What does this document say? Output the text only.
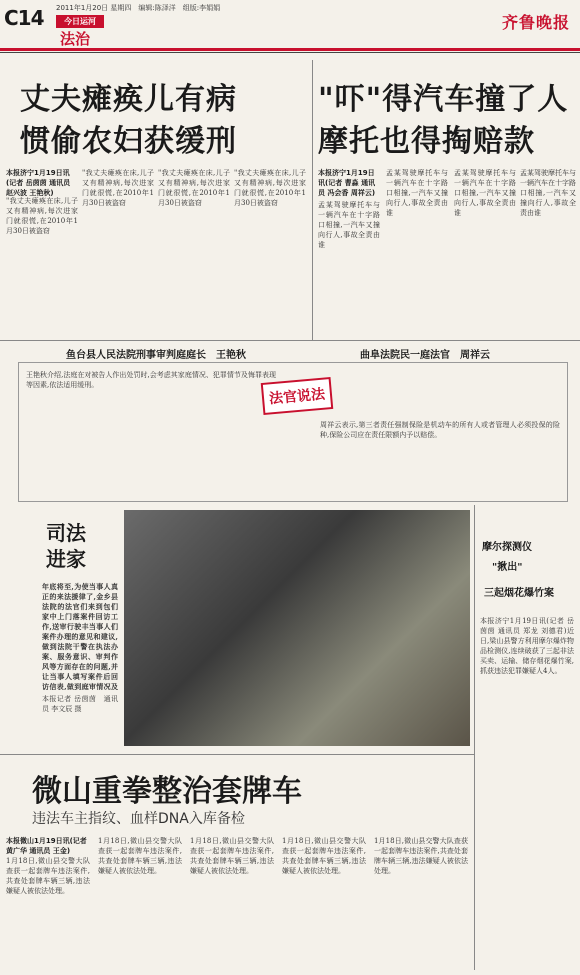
C14 2011年1月20日 星期四　编辑:陈泽洋　组版:李娟娟
今日运河
法治
齐鲁晚报
丈夫瘫痪儿有病
惯偷农妇获缓刑
本报济宁1月19日讯(记者 岳茵茵 通讯员 赵兴波 王艳秋)
"我丈夫瘫痪在床,儿子又有精神病,每次进家门就很慌,在2010年1月30日被盗窃
"我丈夫瘫痪在床,儿子又有精神病,每次进家门就很慌,在2010年1月30日被盗窃
"我丈夫瘫痪在床,儿子又有精神病,每次进家门就很慌,在2010年1月30日被盗窃
"我丈夫瘫痪在床,儿子又有精神病,每次进家门就很慌,在2010年1月30日被盗窃
"吓"得汽车撞了人
摩托也得掏赔款
本报济宁1月19日讯(记者 曹淼 通讯员 冯会香 周祥云)
孟某驾驶摩托车与一辆汽车在十字路口相撞,一汽车又撞向行人,事故全责由谁
孟某驾驶摩托车与一辆汽车在十字路口相撞,一汽车又撞向行人,事故全责由谁
孟某驾驶摩托车与一辆汽车在十字路口相撞,一汽车又撞向行人,事故全责由谁
孟某驾驶摩托车与一辆汽车在十字路口相撞,一汽车又撞向行人,事故全责由谁
鱼台县人民法院刑事审判庭庭长　王艳秋	曲阜法院民一庭法官　周祥云
王艳秋介绍,法庭在对被告人作出处罚时,会考虑其家庭情况、犯罪情节及悔罪表现等因素,依法适用缓刑。
法官说法
周祥云表示,第三者责任强制保险是机动车的所有人或者管理人必须投保的险种,保险公司应在责任限额内予以赔偿。
司法
进家
年底将至,为使当事人真正的来法援律了,金乡县法院的法官们来到包们家中上门落案件回访工作,送审行驶丰当事人们案件办理的意见和建议,做到法院干警在执法办案、服务意识、审判作风等方面存在的问题,并让当事人填写案件后回访信表,做到庭审情况及
本报记者 岳茵茵　通讯员 李文辰 摄
摩尔探测仪
"揪出"
三起烟花爆竹案
本报济宁1月19日讯(记者 岳茵茵 通讯员 郑龙 刘德君)近日,梁山县警方利用摩尔爆炸物品检测仪,连续破获了三起非法买卖、运输、储存烟花爆竹案,抓获违法犯罪嫌疑人4人。
微山重拳整治套牌车
违法车主指纹、血样DNA入库备检
本报微山1月19日讯(记者 黄广华 通讯员 王金)
1月18日,微山县交警大队查获一起套牌车违法案件,共查处套牌车辆三辆,违法嫌疑人被依法处理。
1月18日,微山县交警大队查获一起套牌车违法案件,共查处套牌车辆三辆,违法嫌疑人被依法处理。
1月18日,微山县交警大队查获一起套牌车违法案件,共查处套牌车辆三辆,违法嫌疑人被依法处理。
1月18日,微山县交警大队查获一起套牌车违法案件,共查处套牌车辆三辆,违法嫌疑人被依法处理。
1月18日,微山县交警大队查获一起套牌车违法案件,共查处套牌车辆三辆,违法嫌疑人被依法处理。
